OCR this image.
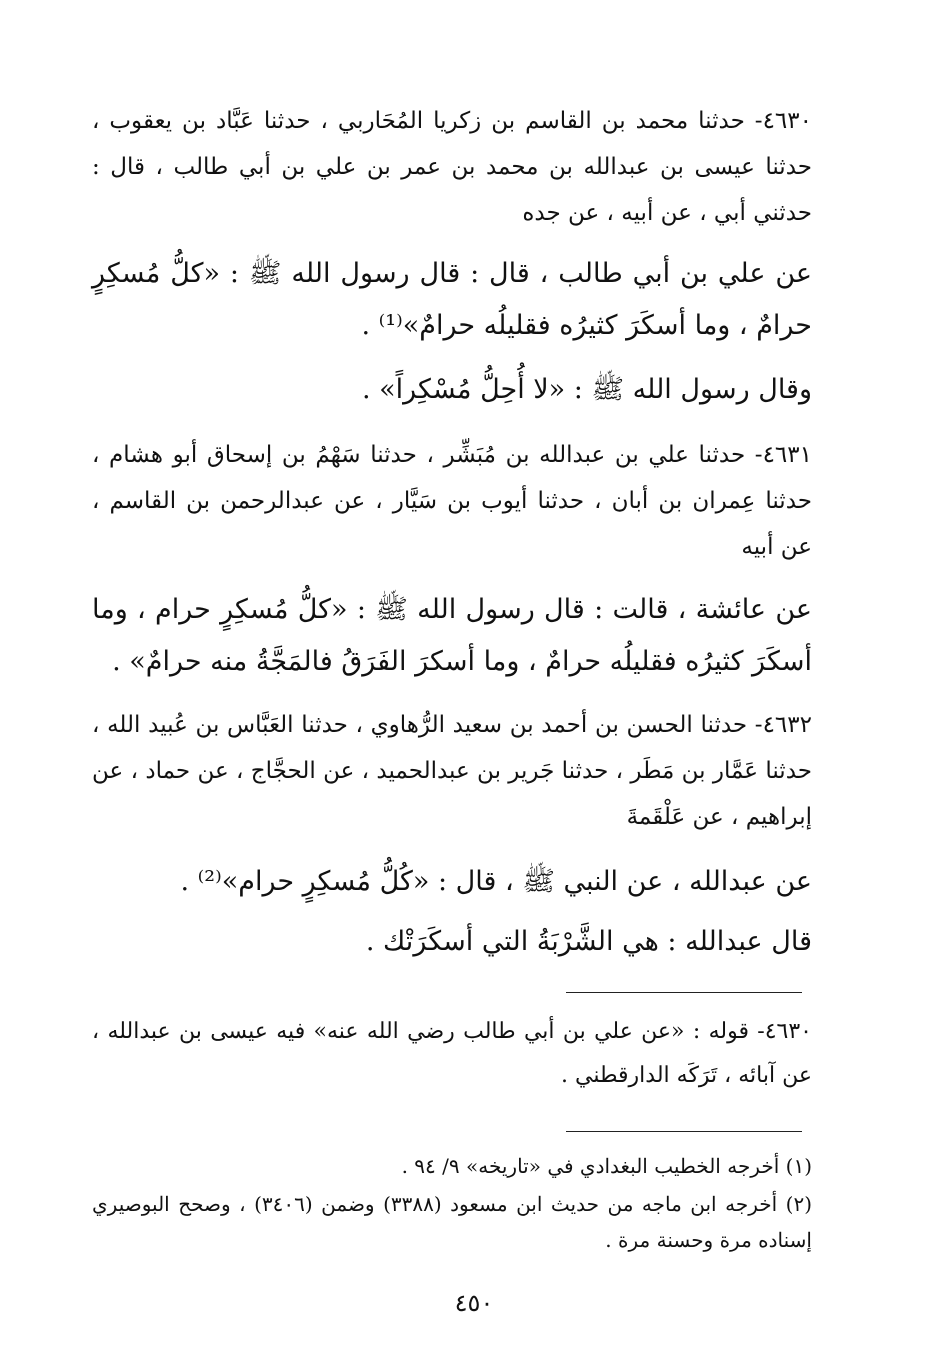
٤٦٣٠- حدثنا محمد بن القاسم بن زكريا المُحَاربي ، حدثنا عَبَّاد بن يعقوب ، حدثنا عيسى بن عبدالله بن محمد بن عمر بن علي بن أبي طالب ، قال : حدثني أبي ، عن أبيه ، عن جده

عن علي بن أبي طالب ، قال : قال رسول الله ﷺ : «كلُّ مُسكِرٍ حرامٌ ، وما أسكَرَ كثيرُه فقليلُه حرامٌ»⁽¹⁾ .

وقال رسول الله ﷺ : «لا أُحِلُّ مُسْكِراً» .

٤٦٣١- حدثنا علي بن عبدالله بن مُبَشِّر ، حدثنا سَهْمُ بن إسحاق أبو هشام ، حدثنا عِمران بن أبان ، حدثنا أيوب بن سَيَّار ، عن عبدالرحمن بن القاسم ، عن أبيه

عن عائشة ، قالت : قال رسول الله ﷺ : «كلُّ مُسكِرٍ حرام ، وما أسكَرَ كثيرُه فقليلُه حرامٌ ، وما أسكرَ الفَرَقُ فالمَجَّةُ منه حرامٌ» .

٤٦٣٢- حدثنا الحسن بن أحمد بن سعيد الرُّهاوي ، حدثنا العَبَّاس بن عُبيد الله ، حدثنا عَمَّار بن مَطَر ، حدثنا جَرير بن عبدالحميد ، عن الحجَّاج ، عن حماد ، عن إبراهيم ، عن عَلْقَمةَ

عن عبدالله ، عن النبي ﷺ ، قال : «كُلُّ مُسكِرٍ حرام»⁽²⁾ .

قال عبدالله : هي الشَّرْبَةُ التي أسكَرَتْك .

٤٦٣٠- قوله : «عن علي بن أبي طالب رضي الله عنه» فيه عيسى بن عبدالله ، عن آبائه ، تَرَكَه الدارقطني .

(١) أخرجه الخطيب البغدادي في «تاريخه» ٩/ ٩٤ .

(٢) أخرجه ابن ماجه من حديث ابن مسعود (٣٣٨٨) وضمن (٣٤٠٦) ، وصحح البوصيري إسناده مرة وحسنة مرة .

٤٥٠
